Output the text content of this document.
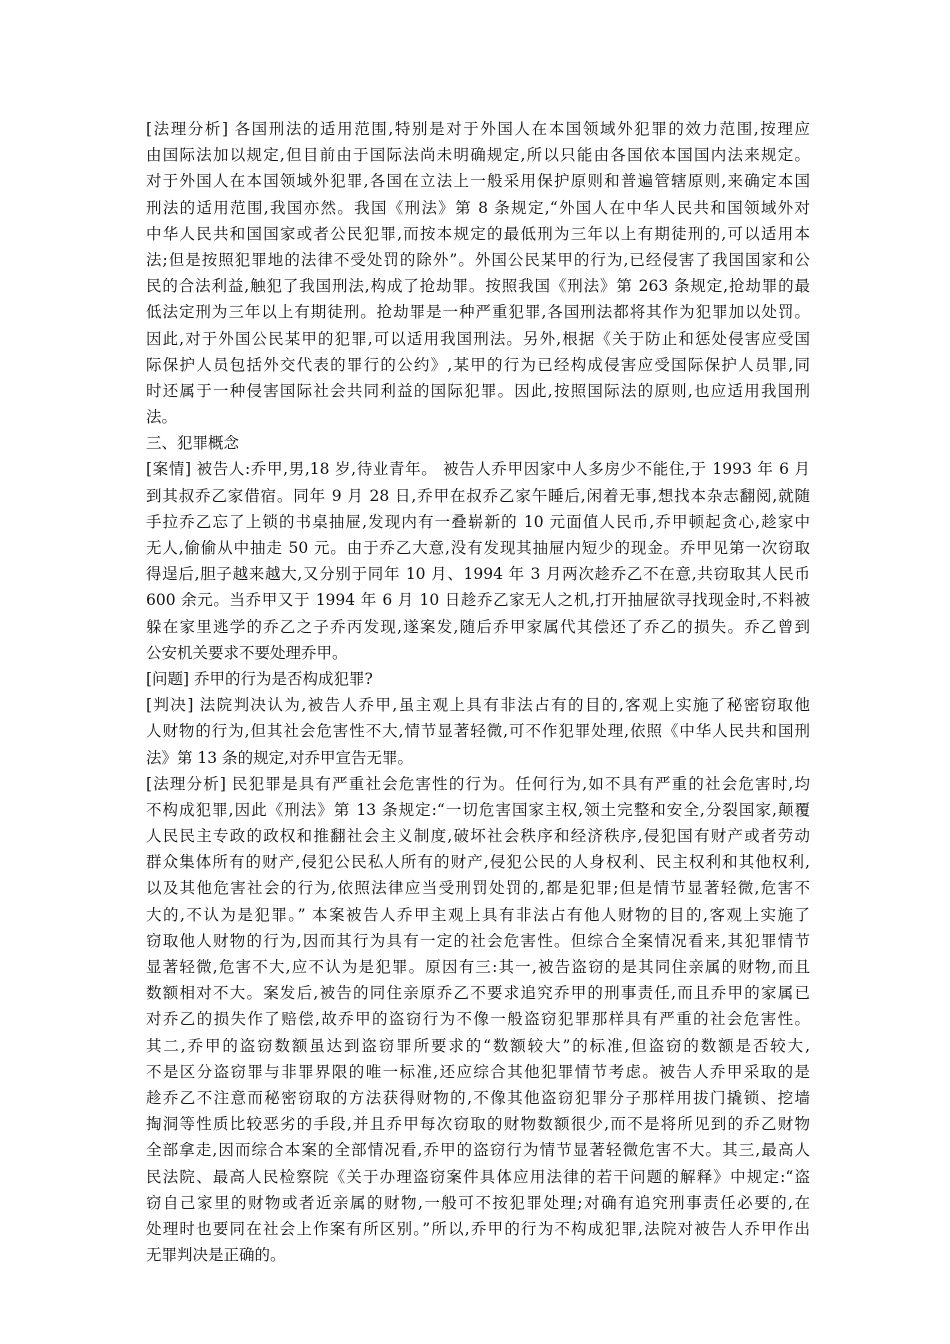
[法理分析] 各国刑法的适用范围,特别是对于外国人在本国领域外犯罪的效力范围,按理应
由国际法加以规定,但目前由于国际法尚未明确规定,所以只能由各国依本国国内法来规定。
对于外国人在本国领域外犯罪,各国在立法上一般采用保护原则和普遍管辖原则,来确定本国
刑法的适用范围,我国亦然。我国《刑法》第 8 条规定,“外国人在中华人民共和国领域外对
中华人民共和国国家或者公民犯罪,而按本规定的最低刑为三年以上有期徒刑的,可以适用本
法;但是按照犯罪地的法律不受处罚的除外”。外国公民某甲的行为,已经侵害了我国国家和公
民的合法利益,触犯了我国刑法,构成了抢劫罪。按照我国《刑法》第 263 条规定,抢劫罪的最
低法定刑为三年以上有期徒刑。抢劫罪是一种严重犯罪,各国刑法都将其作为犯罪加以处罚。
因此,对于外国公民某甲的犯罪,可以适用我国刑法。另外,根据《关于防止和惩处侵害应受国
际保护人员包括外交代表的罪行的公约》,某甲的行为已经构成侵害应受国际保护人员罪,同
时还属于一种侵害国际社会共同利益的国际犯罪。因此,按照国际法的原则,也应适用我国刑
法。
三、犯罪概念
[案情] 被告人:乔甲,男,18 岁,待业青年。 被告人乔甲因家中人多房少不能住,于 1993 年 6 月
到其叔乔乙家借宿。同年 9 月 28 日,乔甲在叔乔乙家午睡后,闲着无事,想找本杂志翻阅,就随
手拉乔乙忘了上锁的书桌抽屉,发现内有一叠崭新的 10 元面值人民币,乔甲顿起贪心,趁家中
无人,偷偷从中抽走 50 元。由于乔乙大意,没有发现其抽屉内短少的现金。乔甲见第一次窃取
得逞后,胆子越来越大,又分别于同年 10 月、1994 年 3 月两次趁乔乙不在意,共窃取其人民币
600 余元。当乔甲又于 1994 年 6 月 10 日趁乔乙家无人之机,打开抽屉欲寻找现金时,不料被
躲在家里逃学的乔乙之子乔丙发现,遂案发,随后乔甲家属代其偿还了乔乙的损失。乔乙曾到
公安机关要求不要处理乔甲。
[问题] 乔甲的行为是否构成犯罪?
[判决] 法院判决认为,被告人乔甲,虽主观上具有非法占有的目的,客观上实施了秘密窃取他
人财物的行为,但其社会危害性不大,情节显著轻微,可不作犯罪处理,依照《中华人民共和国刑
法》第 13 条的规定,对乔甲宣告无罪。
[法理分析] 民犯罪是具有严重社会危害性的行为。任何行为,如不具有严重的社会危害时,均
不构成犯罪,因此《刑法》第 13 条规定:“一切危害国家主权,领土完整和安全,分裂国家,颠覆
人民民主专政的政权和推翻社会主义制度,破坏社会秩序和经济秩序,侵犯国有财产或者劳动
群众集体所有的财产,侵犯公民私人所有的财产,侵犯公民的人身权利、民主权利和其他权利,
以及其他危害社会的行为,依照法律应当受刑罚处罚的,都是犯罪;但是情节显著轻微,危害不
大的,不认为是犯罪。” 本案被告人乔甲主观上具有非法占有他人财物的目的,客观上实施了
窃取他人财物的行为,因而其行为具有一定的社会危害性。但综合全案情况看来,其犯罪情节
显著轻微,危害不大,应不认为是犯罪。原因有三:其一,被告盗窃的是其同住亲属的财物,而且
数额相对不大。案发后,被告的同住亲原乔乙不要求追究乔甲的刑事责任,而且乔甲的家属已
对乔乙的损失作了赔偿,故乔甲的盗窃行为不像一般盗窃犯罪那样具有严重的社会危害性。
其二,乔甲的盗窃数额虽达到盗窃罪所要求的“数额较大”的标准,但盗窃的数额是否较大,
不是区分盗窃罪与非罪界限的唯一标准,还应综合其他犯罪情节考虑。被告人乔甲采取的是
趁乔乙不注意而秘密窃取的方法获得财物的,不像其他盗窃犯罪分子那样用拔门撬锁、挖墙
掏洞等性质比较恶劣的手段,并且乔甲每次窃取的财物数额很少,而不是将所见到的乔乙财物
全部拿走,因而综合本案的全部情况看,乔甲的盗窃行为情节显著轻微危害不大。其三,最高人
民法院、最高人民检察院《关于办理盗窃案件具体应用法律的若干问题的解释》中规定:“盗
窃自己家里的财物或者近亲属的财物,一般可不按犯罪处理;对确有追究刑事责任必要的,在
处理时也要同在社会上作案有所区别。”所以,乔甲的行为不构成犯罪,法院对被告人乔甲作出
无罪判决是正确的。
